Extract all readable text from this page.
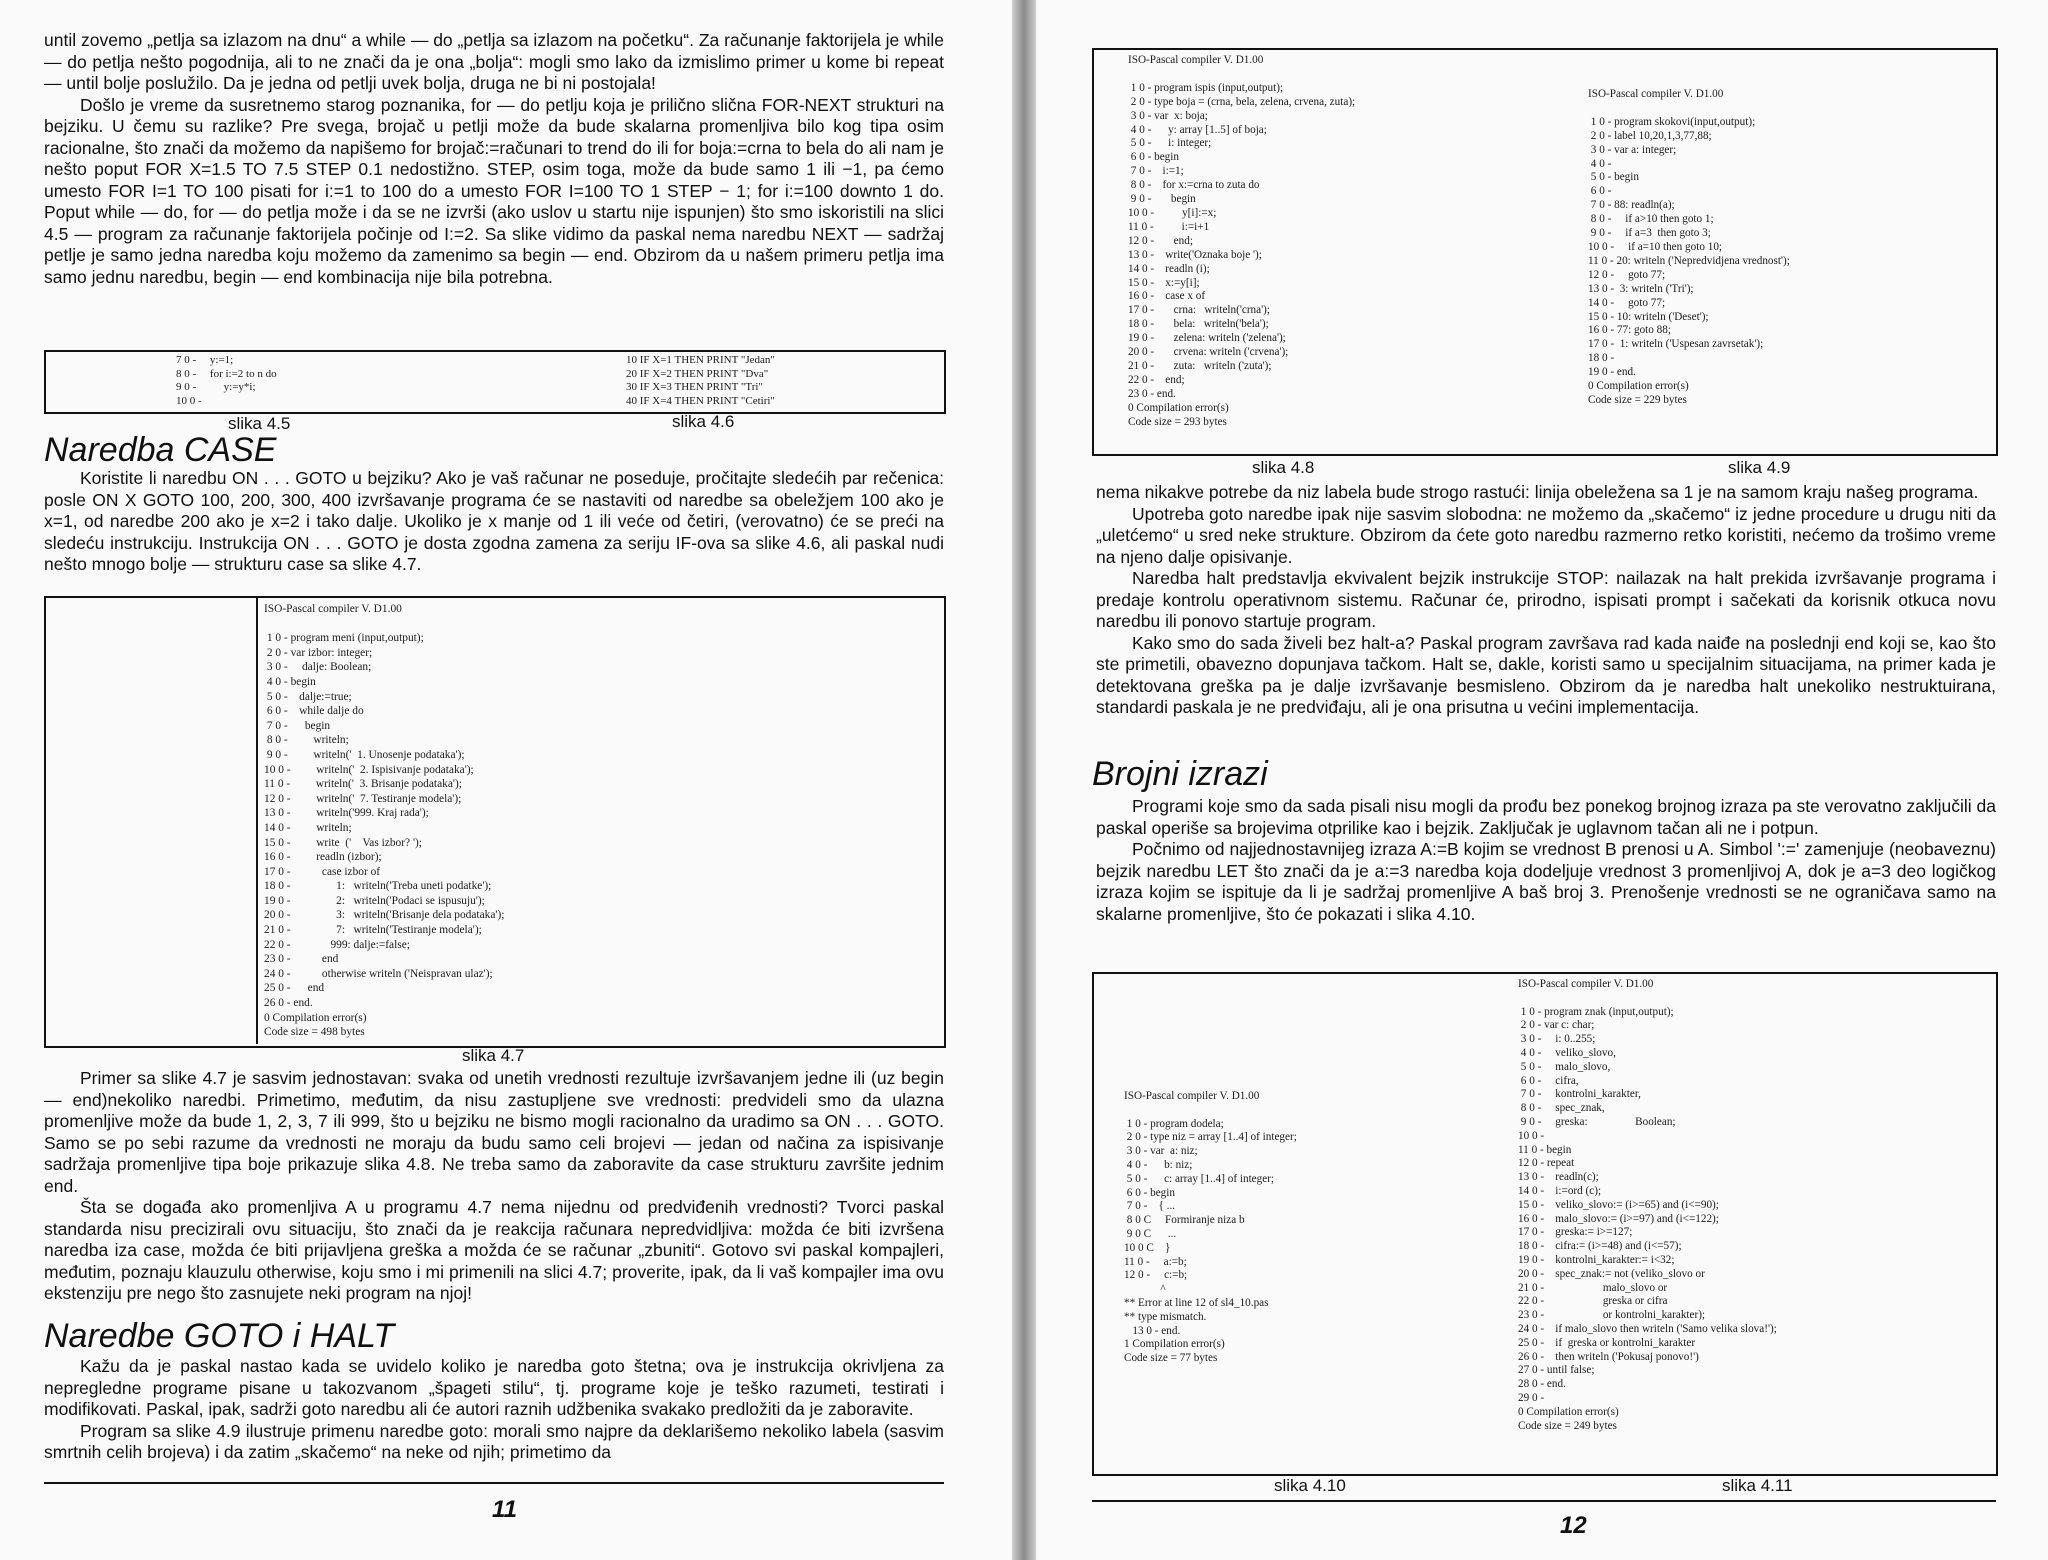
until zovemo „petlja sa izlazom na dnu“ a while — do „petlja sa izlazom na početku“. Za računanje faktorijela je while — do petlja nešto pogodnija, ali to ne znači da je ona „bolja“: mogli smo lako da izmislimo primer u kome bi repeat — until bolje poslužilo. Da je jedna od petlji uvek bolja, druga ne bi ni postojala!

Došlo je vreme da susretnemo starog poznanika, for — do petlju koja je prilično slična FOR-NEXT strukturi na bejziku. U čemu su razlike? Pre svega, brojač u petlji može da bude skalarna promenljiva bilo kog tipa osim racionalne, što znači da možemo da napišemo for brojač:=računari to trend do ili for boja:=crna to bela do ali nam je nešto poput FOR X=1.5 TO 7.5 STEP 0.1 nedostižno. STEP, osim toga, može da bude samo 1 ili −1, pa ćemo umesto FOR I=1 TO 100 pisati for i:=1 to 100 do a umesto FOR I=100 TO 1 STEP − 1; for i:=100 downto 1 do. Poput while — do, for — do petlja može i da se ne izvrši (ako uslov u startu nije ispunjen) što smo iskoristili na slici 4.5 — program za računanje faktorijela počinje od I:=2. Sa slike vidimo da paskal nema naredbu NEXT — sadržaj petlje je samo jedna naredba koju možemo da zamenimo sa begin — end. Obzirom da u našem primeru petlja ima samo jednu naredbu, begin — end kombinacija nije bila potrebna.

7 0 -     y:=1;
8 0 -     for i:=2 to n do
9 0 -          y:=y*i;
10 0 -
10 IF X=1 THEN PRINT "Jedan"
20 IF X=2 THEN PRINT "Dva"
30 IF X=3 THEN PRINT "Tri"
40 IF X=4 THEN PRINT "Cetiri"
slika 4.5	slika 4.6
Naredba CASE

Koristite li naredbu ON . . . GOTO u bejziku? Ako je vaš računar ne poseduje, pročitajte sledećih par rečenica: posle ON X GOTO 100, 200, 300, 400 izvršavanje programa će se nastaviti od naredbe sa obeležjem 100 ako je x=1, od naredbe 200 ako je x=2 i tako dalje. Ukoliko je x manje od 1 ili veće od četiri, (verovatno) će se preći na sledeću instrukciju. Instrukcija ON . . . GOTO je dosta zgodna zamena za seriju IF-ova sa slike 4.6, ali paskal nudi nešto mnogo bolje — strukturu case sa slike 4.7.

ISO-Pascal compiler V. D1.00

1 0 - program meni (input,output);
2 0 - var izbor: integer;
3 0 -     dalje: Boolean;
4 0 - begin
5 0 -    dalje:=true;
6 0 -    while dalje do
7 0 -      begin
8 0 -         writeln;
9 0 -         writeln('  1. Unosenje podataka');
10 0 -         writeln('  2. Ispisivanje podataka');
11 0 -         writeln('  3. Brisanje podataka');
12 0 -         writeln('  7. Testiranje modela');
13 0 -         writeln('999. Kraj rada');
14 0 -         writeln;
15 0 -         write  ('    Vas izbor? ');
16 0 -         readln (izbor);
17 0 -           case izbor of
18 0 -                1:   writeln('Treba uneti podatke');
19 0 -                2:   writeln('Podaci se ispusuju');
20 0 -                3:   writeln('Brisanje dela podataka');
21 0 -                7:   writeln('Testiranje modela');
22 0 -              999: dalje:=false;
23 0 -           end
24 0 -           otherwise writeln ('Neispravan ulaz');
25 0 -      end
26 0 - end.
0 Compilation error(s)
Code size = 498 bytes
slika 4.7

Primer sa slike 4.7 je sasvim jednostavan: svaka od unetih vrednosti rezultuje izvršavanjem jedne ili (uz begin — end)nekoliko naredbi. Primetimo, međutim, da nisu zastupljene sve vrednosti: predvideli smo da ulazna promenljive može da bude 1, 2, 3, 7 ili 999, što u bejziku ne bismo mogli racionalno da uradimo sa ON . . . GOTO. Samo se po sebi razume da vrednosti ne moraju da budu samo celi brojevi — jedan od načina za ispisivanje sadržaja promenljive tipa boje prikazuje slika 4.8. Ne treba samo da zaboravite da case strukturu završite jednim end.

Šta se događa ako promenljiva A u programu 4.7 nema nijednu od predviđenih vrednosti? Tvorci paskal standarda nisu precizirali ovu situaciju, što znači da je reakcija računara nepredvidljiva: možda će biti izvršena naredba iza case, možda će biti prijavljena greška a možda će se računar „zbuniti“. Gotovo svi paskal kompajleri, međutim, poznaju klauzulu otherwise, koju smo i mi primenili na slici 4.7; proverite, ipak, da li vaš kompajler ima ovu ekstenziju pre nego što zasnujete neki program na njoj!

Naredbe GOTO i HALT

Kažu da je paskal nastao kada se uvidelo koliko je naredba goto štetna; ova je instrukcija okrivljena za nepregledne programe pisane u takozvanom „špageti stilu“, tj. programe koje je teško razumeti, testirati i modifikovati. Paskal, ipak, sadrži goto naredbu ali će autori raznih udžbenika svakako predložiti da je zaboravite.

Program sa slike 4.9 ilustruje primenu naredbe goto: morali smo najpre da deklarišemo nekoliko labela (sasvim smrtnih celih brojeva) i da zatim „skačemo“ na neke od njih; primetimo da

11
ISO-Pascal compiler V. D1.00

1 0 - program ispis (input,output);
2 0 - type boja = (crna, bela, zelena, crvena, zuta);
3 0 - var  x: boja;
4 0 -      y: array [1..5] of boja;
5 0 -      i: integer;
6 0 - begin
7 0 -    i:=1;
8 0 -    for x:=crna to zuta do
9 0 -       begin
10 0 -          y[i]:=x;
11 0 -          i:=i+1
12 0 -       end;
13 0 -    write('Oznaka boje ');
14 0 -    readln (i);
15 0 -    x:=y[i];
16 0 -    case x of
17 0 -       crna:   writeln('crna');
18 0 -       bela:   writeln('bela');
19 0 -       zelena: writeln ('zelena');
20 0 -       crvena: writeln ('crvena');
21 0 -       zuta:   writeln ('zuta');
22 0 -    end;
23 0 - end.
0 Compilation error(s)
Code size = 293 bytes
ISO-Pascal compiler V. D1.00

1 0 - program skokovi(input,output);
2 0 - label 10,20,1,3,77,88;
3 0 - var a: integer;
4 0 -
5 0 - begin
6 0 -
7 0 - 88: readln(a);
8 0 -     if a>10 then goto 1;
9 0 -     if a=3  then goto 3;
10 0 -     if a=10 then goto 10;
11 0 - 20: writeln ('Nepredvidjena vrednost');
12 0 -     goto 77;
13 0 -  3: writeln ('Tri');
14 0 -     goto 77;
15 0 - 10: writeln ('Deset');
16 0 - 77: goto 88;
17 0 -  1: writeln ('Uspesan zavrsetak');
18 0 -
19 0 - end.
0 Compilation error(s)
Code size = 229 bytes
slika 4.8	slika 4.9

nema nikakve potrebe da niz labela bude strogo rastući: linija obeležena sa 1 je na samom kraju našeg programa.

Upotreba goto naredbe ipak nije sasvim slobodna: ne možemo da „skačemo“ iz jedne procedure u drugu niti da „uletćemo“ u sred neke strukture. Obzirom da ćete goto naredbu razmerno retko koristiti, nećemo da trošimo vreme na njeno dalje opisivanje.

Naredba halt predstavlja ekvivalent bejzik instrukcije STOP: nailazak na halt prekida izvršavanje programa i predaje kontrolu operativnom sistemu. Računar će, prirodno, ispisati prompt i sačekati da korisnik otkuca novu naredbu ili ponovo startuje program.

Kako smo do sada živeli bez halt-a? Paskal program završava rad kada naiđe na poslednji end koji se, kao što ste primetili, obavezno dopunjava tačkom. Halt se, dakle, koristi samo u specijalnim situacijama, na primer kada je detektovana greška pa je dalje izvršavanje besmisleno. Obzirom da je naredba halt unekoliko nestruktuirana, standardi paskala je ne predviđaju, ali je ona prisutna u većini implementacija.

Brojni izrazi

Programi koje smo da sada pisali nisu mogli da prođu bez ponekog brojnog izraza pa ste verovatno zaključili da paskal operiše sa brojevima otprilike kao i bejzik. Zaključak je uglavnom tačan ali ne i potpun.

Počnimo od najjednostavnijeg izraza A:=B kojim se vrednost B prenosi u A. Simbol ':=' zamenjuje (neobaveznu) bejzik naredbu LET što znači da je a:=3 naredba koja dodeljuje vrednost 3 promenljivoj A, dok je a=3 deo logičkog izraza kojim se ispituje da li je sadržaj promenljive A baš broj 3. Prenošenje vrednosti se ne ograničava samo na skalarne promenljive, što će pokazati i slika 4.10.

ISO-Pascal compiler V. D1.00

1 0 - program dodela;
2 0 - type niz = array [1..4] of integer;
3 0 - var  a: niz;
4 0 -      b: niz;
5 0 -      c: array [1..4] of integer;
6 0 - begin
7 0 -    { ...
8 0 C     Formiranje niza b
9 0 C      ...
10 0 C    }
11 0 -     a:=b;
12 0 -     c:=b;
^
** Error at line 12 of sl4_10.pas
** type mismatch.
13 0 - end.
1 Compilation error(s)
Code size = 77 bytes
ISO-Pascal compiler V. D1.00

1 0 - program znak (input,output);
2 0 - var c: char;
3 0 -     i: 0..255;
4 0 -     veliko_slovo,
5 0 -     malo_slovo,
6 0 -     cifra,
7 0 -     kontrolni_karakter,
8 0 -     spec_znak,
9 0 -     greska:                 Boolean;
10 0 -
11 0 - begin
12 0 - repeat
13 0 -    readln(c);
14 0 -    i:=ord (c);
15 0 -    veliko_slovo:= (i>=65) and (i<=90);
16 0 -    malo_slovo:= (i>=97) and (i<=122);
17 0 -    greska:= i>=127;
18 0 -    cifra:= (i>=48) and (i<=57);
19 0 -    kontrolni_karakter:= i<32;
20 0 -    spec_znak:= not (veliko_slovo or
21 0 -                     malo_slovo or
22 0 -                     greska or cifra
23 0 -                     or kontrolni_karakter);
24 0 -    if malo_slovo then writeln ('Samo velika slova!');
25 0 -    if  greska or kontrolni_karakter
26 0 -    then writeln ('Pokusaj ponovo!')
27 0 - until false;
28 0 - end.
29 0 -
0 Compilation error(s)
Code size = 249 bytes
slika 4.10	slika 4.11
12
